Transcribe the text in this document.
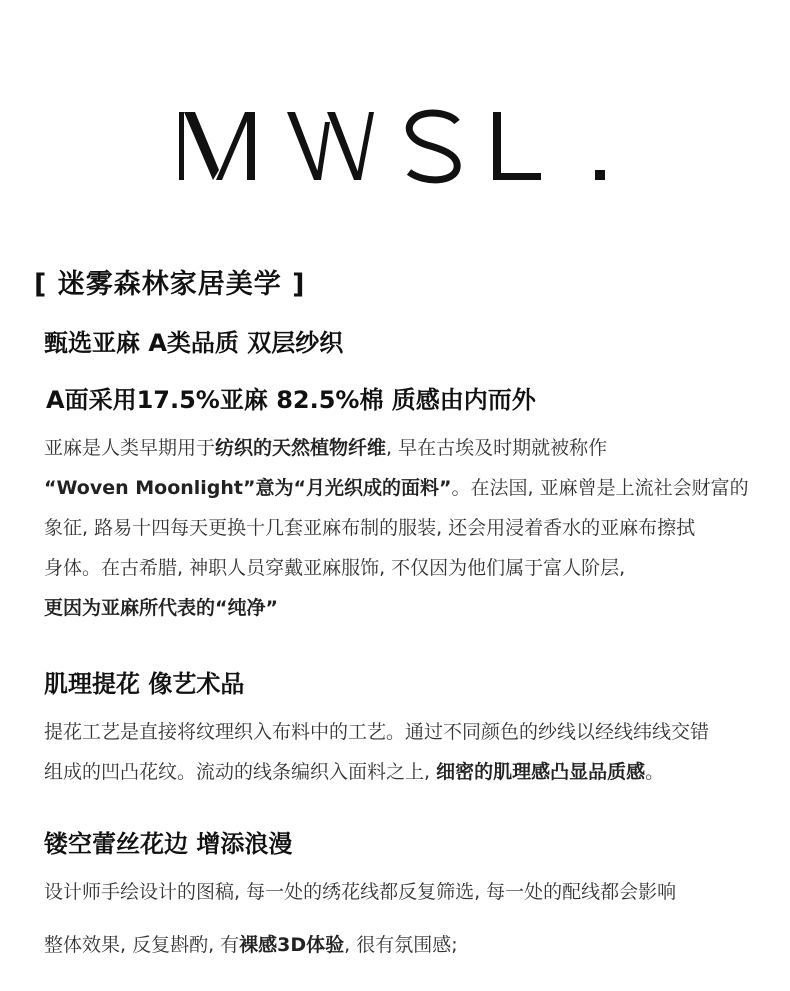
[ 迷雾森林家居美学 ]
甄选亚麻 A类品质 双层纱织
A面采用17.5%亚麻 82.5%棉 质感由内而外
亚麻是人类早期用于纺织的天然植物纤维, 早在古埃及时期就被称作
“Woven Moonlight”意为“月光织成的面料”。在法国, 亚麻曾是上流社会财富的
象征, 路易十四每天更换十几套亚麻布制的服装, 还会用浸着香水的亚麻布擦拭
身体。在古希腊, 神职人员穿戴亚麻服饰, 不仅因为他们属于富人阶层,
更因为亚麻所代表的“纯净”
肌理提花 像艺术品
提花工艺是直接将纹理织入布料中的工艺。通过不同颜色的纱线以经线纬线交错
组成的凹凸花纹。流动的线条编织入面料之上, 细密的肌理感凸显品质感。
镂空蕾丝花边 增添浪漫
设计师手绘设计的图稿, 每一处的绣花线都反复筛选, 每一处的配线都会影响
整体效果, 反复斟酌, 有裸感3D体验, 很有氛围感;
